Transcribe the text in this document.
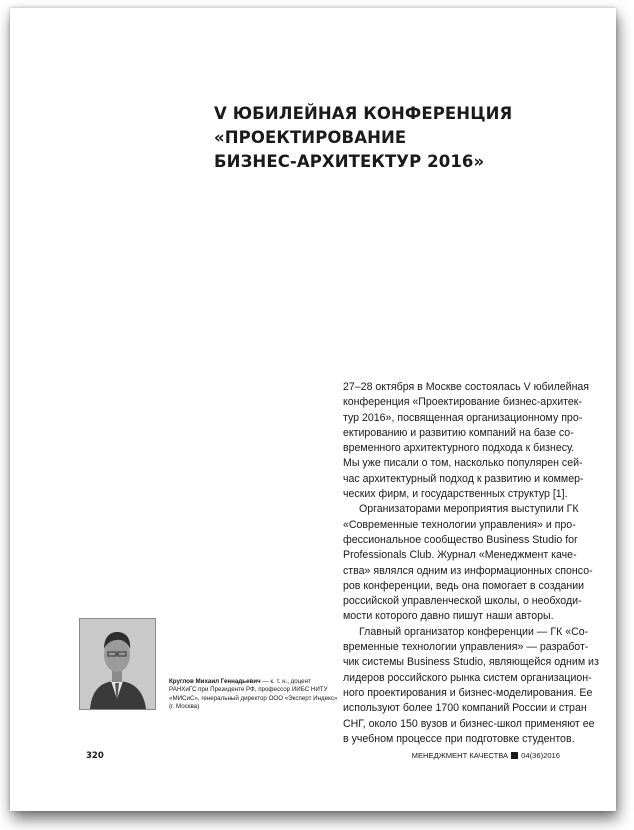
V ЮБИЛЕЙНАЯ КОНФЕРЕНЦИЯ
«ПРОЕКТИРОВАНИЕ
БИЗНЕС-АРХИТЕКТУР 2016»
27–28 октября в Москве состоялась V юбилейная
конференция «Проектирование бизнес-архитек-
тур 2016», посвященная организационному про-
ектированию и развитию компаний на базе со-
временного архитектурного подхода к бизнесу.
Мы уже писали о том, насколько популярен сей-
час архитектурный подход к развитию и коммер-
ческих фирм, и государственных структур [1].
Организаторами мероприятия выступили ГК
«Современные технологии управления» и про-
фессиональное сообщество Business Studio for
Professionals Club. Журнал «Менеджмент каче-
ства» являлся одним из информационных спонсо-
ров конференции, ведь она помогает в создании
российской управленческой школы, о необходи-
мости которого давно пишут наши авторы.
Главный организатор конференции — ГК «Со-
временные технологии управления» — разработ-
чик системы Business Studio, являющейся одним из
лидеров российского рынка систем организацион-
ного проектирования и бизнес-моделирования. Ее
используют более 1700 компаний России и стран
СНГ, около 150 вузов и бизнес-школ применяют ее
в учебном процессе при подготовке студентов.
Круглов Михаил Геннадьевич — к. т. н., доцент
РАНХиГС при Президенте РФ, профессор ИИБС НИТУ
«МИСиС», генеральный директор ООО «Эксперт Индекс»
(г. Москва)
320	МЕНЕДЖМЕНТ КАЧЕСТВА 04(36)2016
